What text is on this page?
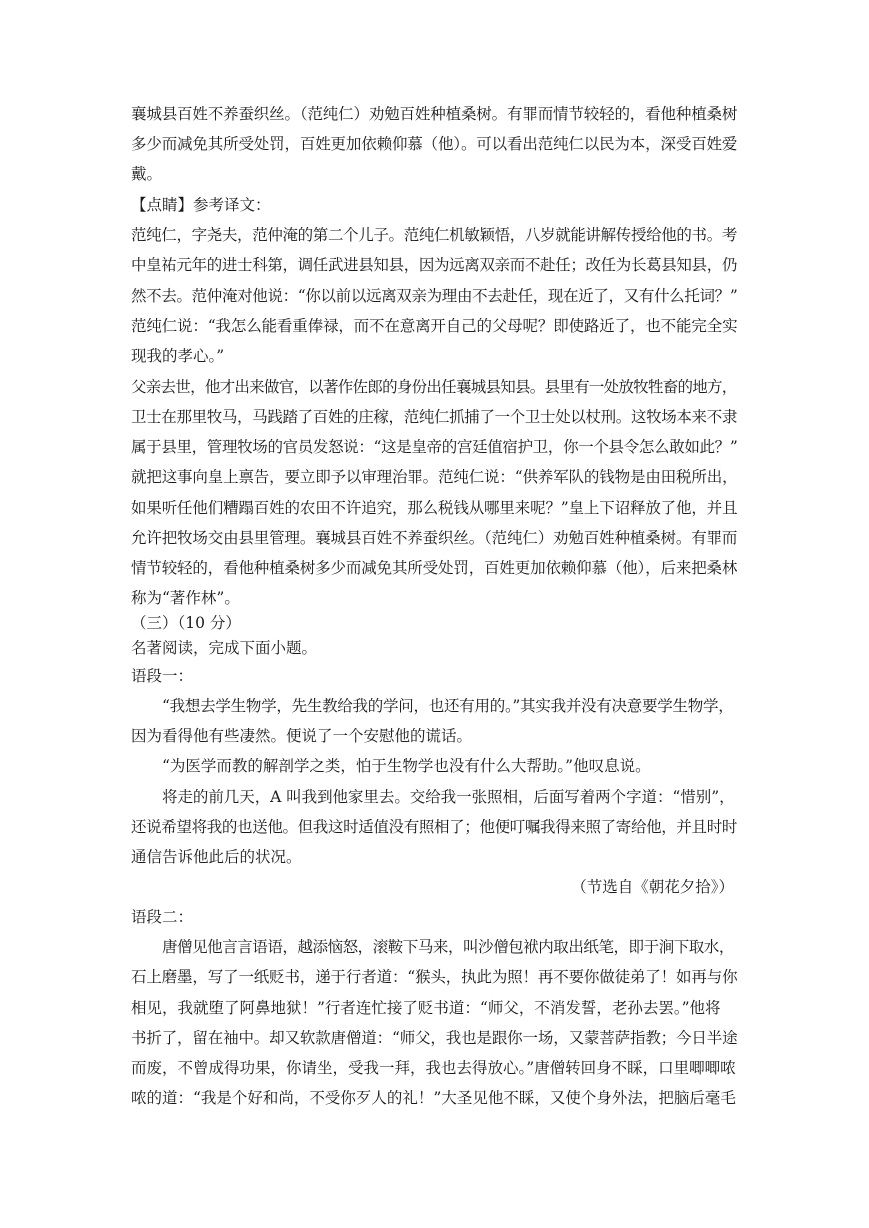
襄城县百姓不养蚕织丝。（范纯仁）劝勉百姓种植桑树。有罪而情节较轻的，看他种植桑树
多少而减免其所受处罚，百姓更加依赖仰慕（他）。可以看出范纯仁以民为本，深受百姓爱
戴。
【点睛】参考译文：
范纯仁，字尧夫，范仲淹的第二个儿子。范纯仁机敏颖悟，八岁就能讲解传授给他的书。考
中皇祐元年的进士科第，调任武进县知县，因为远离双亲而不赴任；改任为长葛县知县，仍
然不去。范仲淹对他说：“你以前以远离双亲为理由不去赴任，现在近了，又有什么托词？”
范纯仁说：“我怎么能看重俸禄，而不在意离开自己的父母呢？即使路近了，也不能完全实
现我的孝心。”
父亲去世，他才出来做官，以著作佐郎的身份出任襄城县知县。县里有一处放牧牲畜的地方，
卫士在那里牧马，马践踏了百姓的庄稼，范纯仁抓捕了一个卫士处以杖刑。这牧场本来不隶
属于县里，管理牧场的官员发怒说：“这是皇帝的宫廷值宿护卫，你一个县令怎么敢如此？”
就把这事向皇上禀告，要立即予以审理治罪。范纯仁说：“供养军队的钱物是由田税所出，
如果听任他们糟蹋百姓的农田不许追究，那么税钱从哪里来呢？”皇上下诏释放了他，并且
允许把牧场交由县里管理。襄城县百姓不养蚕织丝。（范纯仁）劝勉百姓种植桑树。有罪而
情节较轻的，看他种植桑树多少而减免其所受处罚，百姓更加依赖仰慕（他），后来把桑林
称为“著作林”。
（三）（10 分）
名著阅读，完成下面小题。
语段一：
“我想去学生物学，先生教给我的学问，也还有用的。”其实我并没有决意要学生物学，
因为看得他有些凄然。便说了一个安慰他的谎话。
“为医学而教的解剖学之类，怕于生物学也没有什么大帮助。”他叹息说。
将走的前几天，A 叫我到他家里去。交给我一张照相，后面写着两个字道：“惜别”，
还说希望将我的也送他。但我这时适值没有照相了；他便叮嘱我得来照了寄给他，并且时时
通信告诉他此后的状况。
（节选自《朝花夕拾》）
语段二：
唐僧见他言言语语，越添恼怒，滚鞍下马来，叫沙僧包袱内取出纸笔，即于涧下取水，
石上磨墨，写了一纸贬书，递于行者道：“猴头，执此为照！再不要你做徒弟了！如再与你
相见，我就堕了阿鼻地狱！”行者连忙接了贬书道：“师父，不消发誓，老孙去罢。”他将
书折了，留在袖中。却又软款唐僧道：“师父，我也是跟你一场，又蒙菩萨指教；今日半途
而废，不曾成得功果，你请坐，受我一拜，我也去得放心。”唐僧转回身不睬，口里唧唧哝
哝的道：“我是个好和尚，不受你歹人的礼！”大圣见他不睬，又使个身外法，把脑后毫毛
